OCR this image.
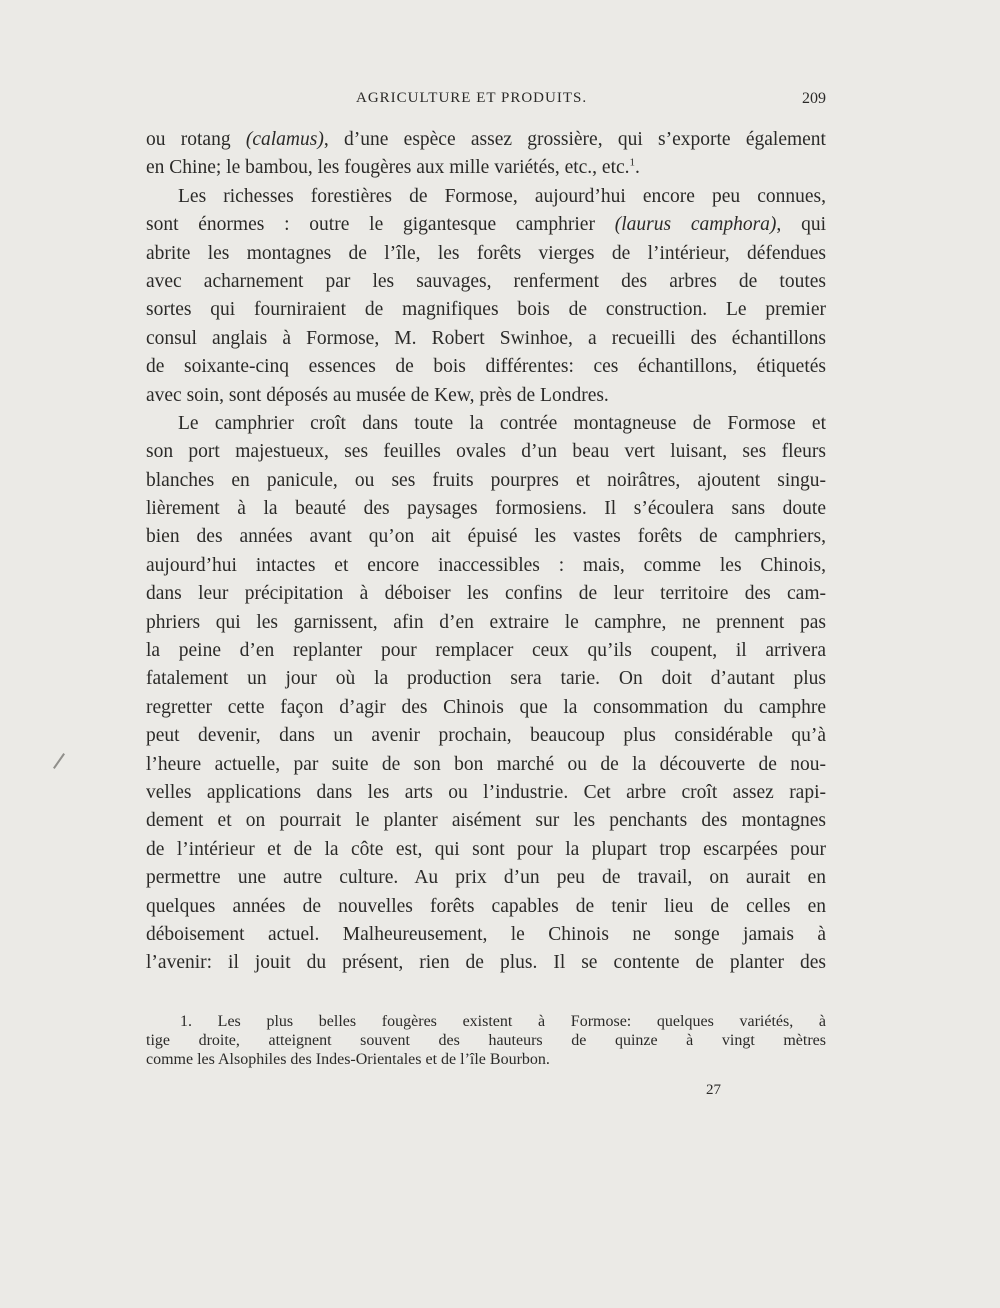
AGRICULTURE ET PRODUITS.	209
ou rotang (calamus), d’une espèce assez grossière, qui s’exporte également
en Chine; le bambou, les fougères aux mille variétés, etc., etc.$^1$.
Les richesses forestières de Formose, aujourd’hui encore peu connues,
sont énormes : outre le gigantesque camphrier (laurus camphora), qui
abrite les montagnes de l’île, les forêts vierges de l’intérieur, défendues
avec acharnement par les sauvages, renferment des arbres de toutes
sortes qui fourniraient de magnifiques bois de construction. Le premier
consul anglais à Formose, M. Robert Swinhoe, a recueilli des échantillons
de soixante-cinq essences de bois différentes: ces échantillons, étiquetés
avec soin, sont déposés au musée de Kew, près de Londres.
Le camphrier croît dans toute la contrée montagneuse de Formose et
son port majestueux, ses feuilles ovales d’un beau vert luisant, ses fleurs
blanches en panicule, ou ses fruits pourpres et noirâtres, ajoutent singu-
lièrement à la beauté des paysages formosiens. Il s’écoulera sans doute
bien des années avant qu’on ait épuisé les vastes forêts de camphriers,
aujourd’hui intactes et encore inaccessibles : mais, comme les Chinois,
dans leur précipitation à déboiser les confins de leur territoire des cam-
phriers qui les garnissent, afin d’en extraire le camphre, ne prennent pas
la peine d’en replanter pour remplacer ceux qu’ils coupent, il arrivera
fatalement un jour où la production sera tarie. On doit d’autant plus
regretter cette façon d’agir des Chinois que la consommation du camphre
peut devenir, dans un avenir prochain, beaucoup plus considérable qu’à
l’heure actuelle, par suite de son bon marché ou de la découverte de nou-
velles applications dans les arts ou l’industrie. Cet arbre croît assez rapi-
dement et on pourrait le planter aisément sur les penchants des montagnes
de l’intérieur et de la côte est, qui sont pour la plupart trop escarpées pour
permettre une autre culture. Au prix d’un peu de travail, on aurait en
quelques années de nouvelles forêts capables de tenir lieu de celles en
déboisement actuel. Malheureusement, le Chinois ne songe jamais à
l’avenir: il jouit du présent, rien de plus. Il se contente de planter des
1. Les plus belles fougères existent à Formose: quelques variétés, à
tige droite, atteignent souvent des hauteurs de quinze à vingt mètres
comme les Alsophiles des Indes-Orientales et de l’île Bourbon.
27
